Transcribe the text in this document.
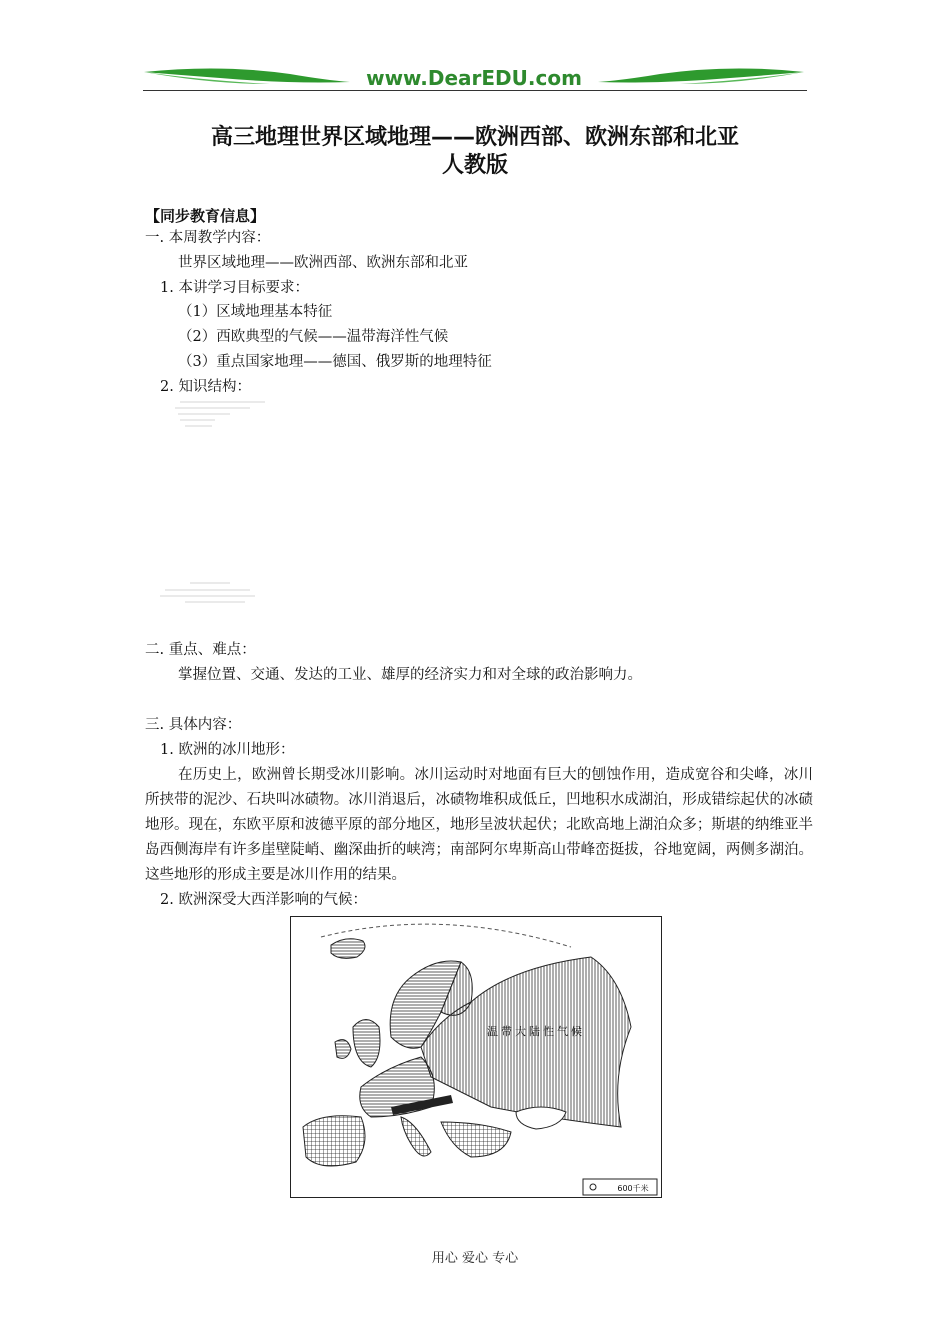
www.DearEDU.com
高三地理世界区域地理——欧洲西部、欧洲东部和北亚
人教版
【同步教育信息】
一. 本周教学内容：
世界区域地理——欧洲西部、欧洲东部和北亚
1. 本讲学习目标要求：
（1）区域地理基本特征
（2）西欧典型的气候——温带海洋性气候
（3）重点国家地理——德国、俄罗斯的地理特征
2. 知识结构：
二. 重点、难点：
掌握位置、交通、发达的工业、雄厚的经济实力和对全球的政治影响力。
三. 具体内容：
1. 欧洲的冰川地形：

在历史上，欧洲曾长期受冰川影响。冰川运动时对地面有巨大的刨蚀作用，造成宽谷和尖峰，冰川所挟带的泥沙、石块叫冰碛物。冰川消退后，冰碛物堆积成低丘，凹地积水成湖泊，形成错综起伏的冰碛地形。现在，东欧平原和波德平原的部分地区，地形呈波状起伏；北欧高地上湖泊众多；斯堪的纳维亚半岛西侧海岸有许多崖壁陡峭、幽深曲折的峡湾；南部阿尔卑斯高山带峰峦挺拔，谷地宽阔，两侧多湖泊。这些地形的形成主要是冰川作用的结果。

2. 欧洲深受大西洋影响的气候：
温带大陆性气候
600千米
用心 爱心 专心
